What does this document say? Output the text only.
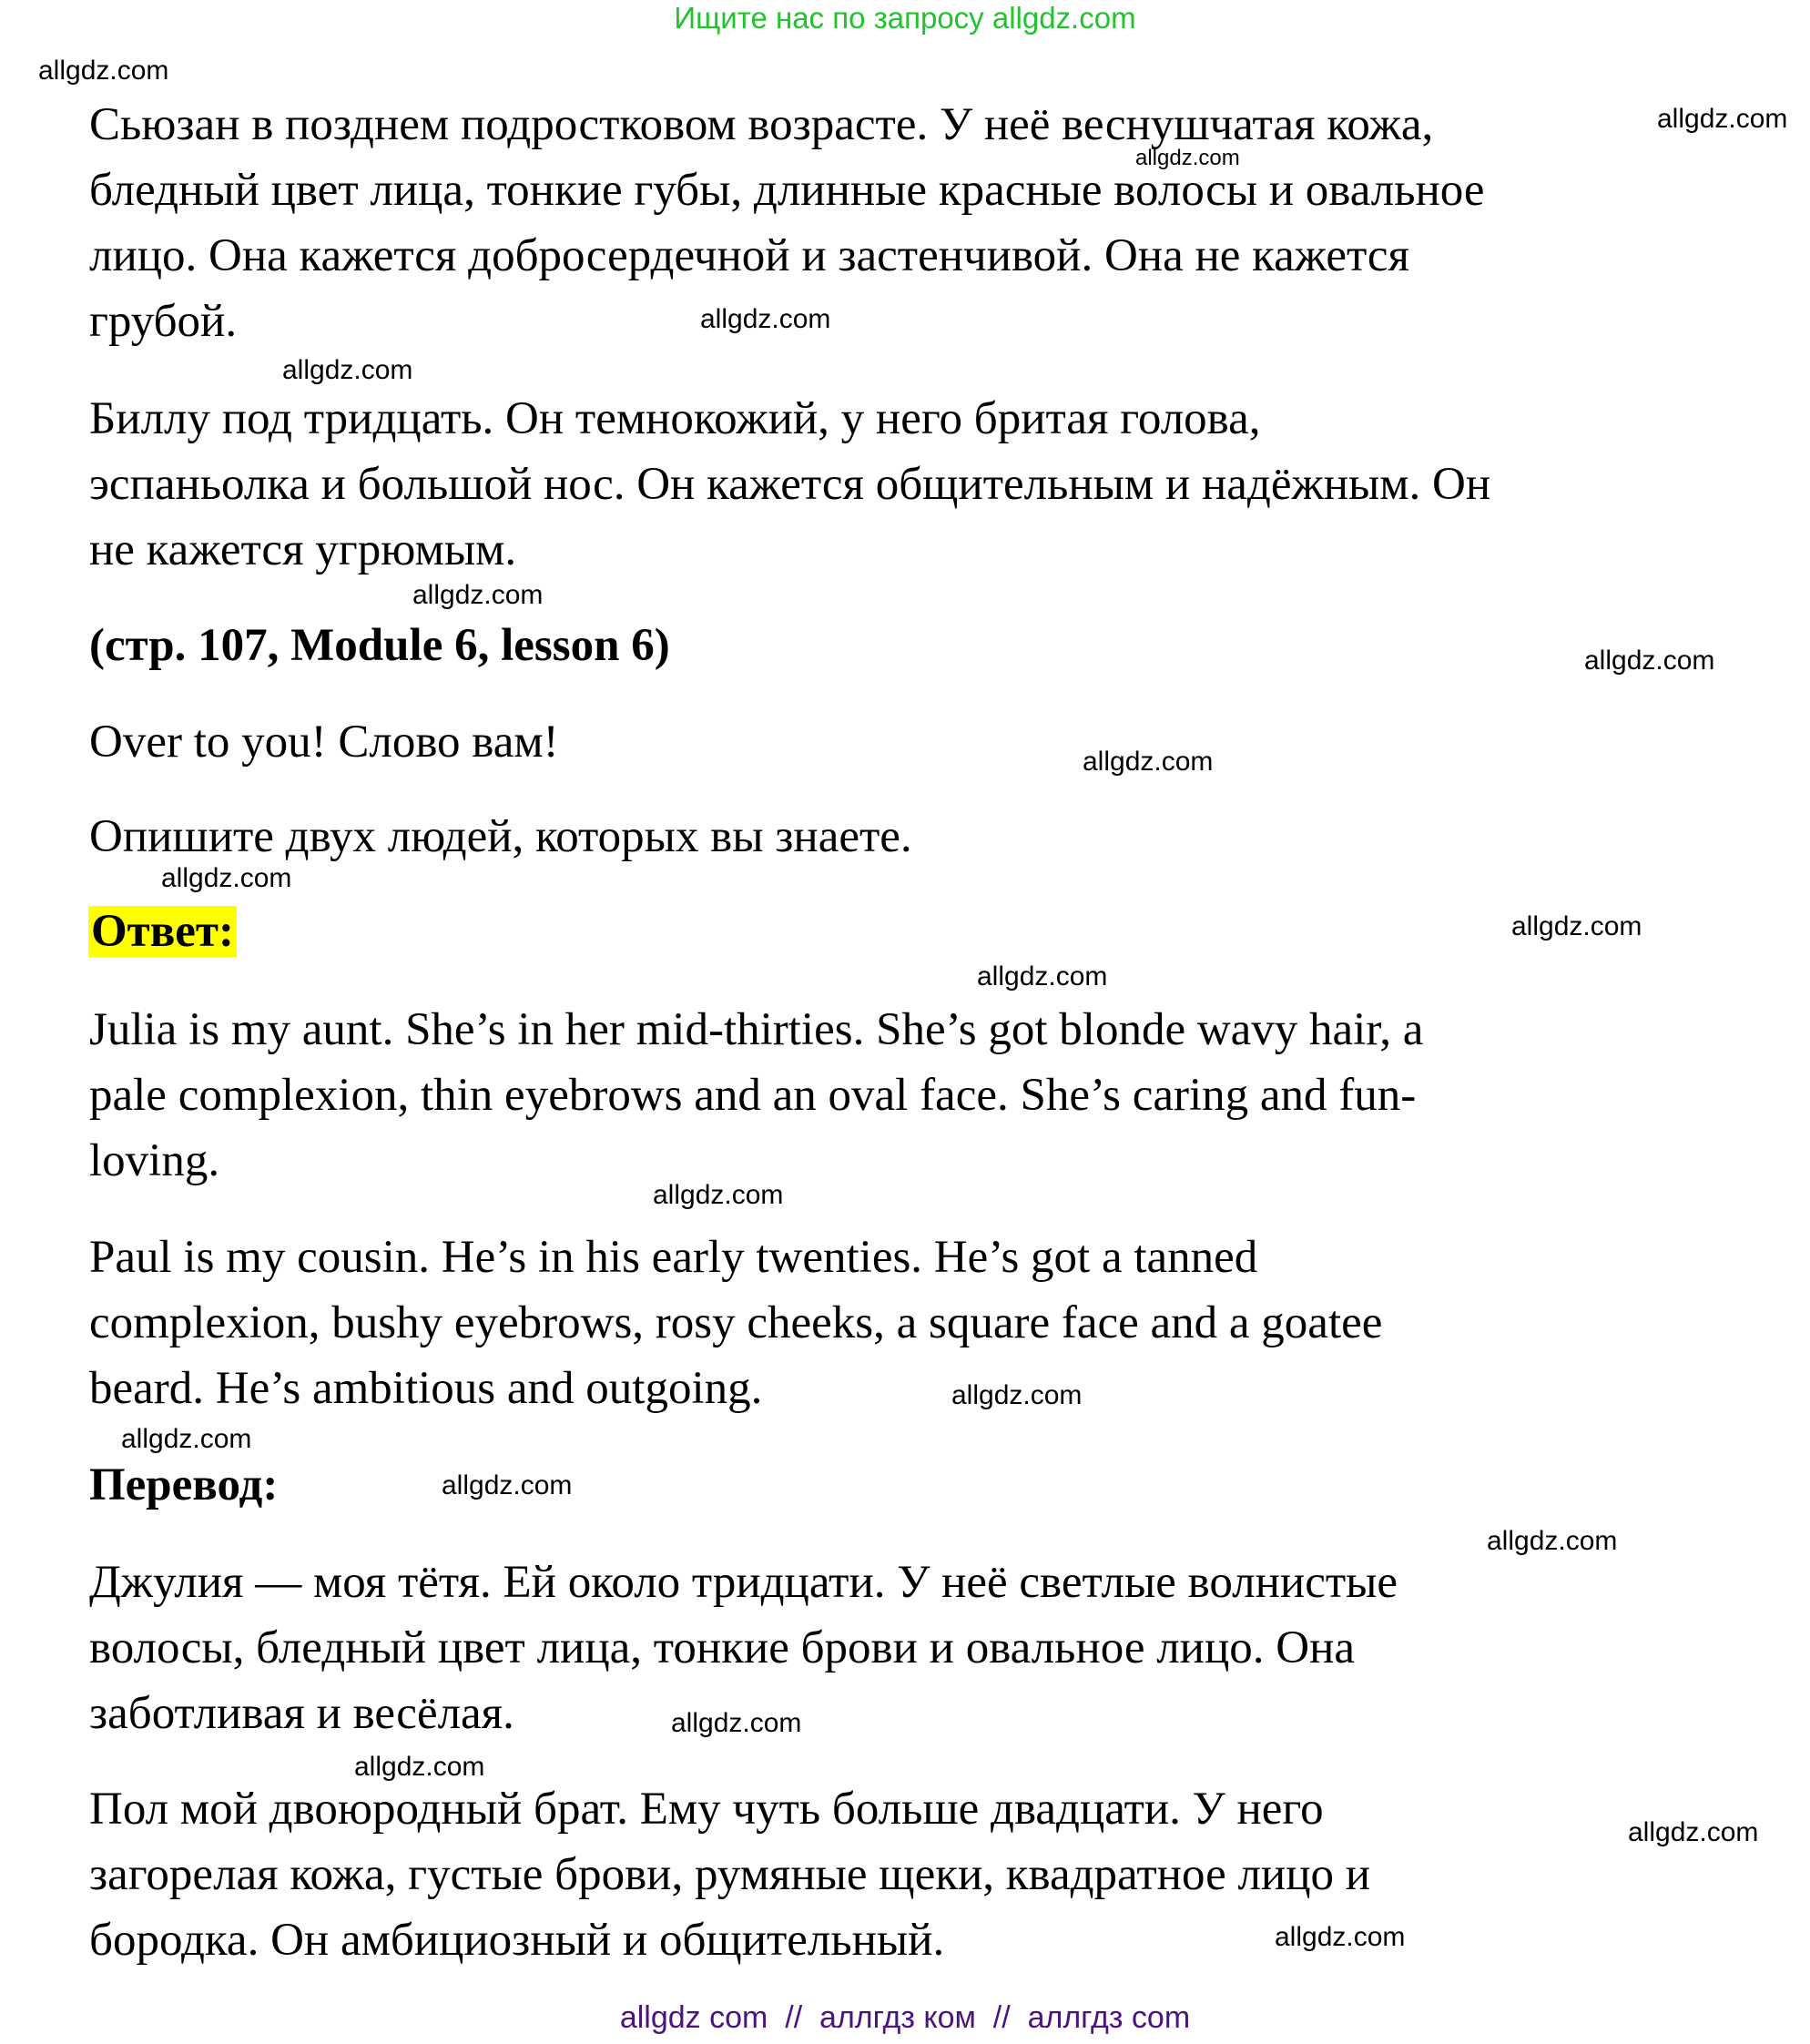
Ищите нас по запросу allgdz.com
Сьюзан в позднем подростковом возрасте. У неё веснушчатая кожа,
бледный цвет лица, тонкие губы, длинные красные волосы и овальное
лицо. Она кажется добросердечной и застенчивой. Она не кажется
грубой.
Биллу под тридцать. Он темнокожий, у него бритая голова,
эспаньолка и большой нос. Он кажется общительным и надёжным. Он
не кажется угрюмым.
(стр. 107, Module 6, lesson 6)
Over to you! Слово вам!
Опишите двух людей, которых вы знаете.
Ответ:
Julia is my aunt. She’s in her mid-thirties. She’s got blonde wavy hair, a
pale complexion, thin eyebrows and an oval face. She’s caring and fun-
loving.
Paul is my cousin. He’s in his early twenties. He’s got a tanned
complexion, bushy eyebrows, rosy cheeks, a square face and a goatee
beard. He’s ambitious and outgoing.
Перевод:
Джулия — моя тётя. Ей около тридцати. У неё светлые волнистые
волосы, бледный цвет лица, тонкие брови и овальное лицо. Она
заботливая и весёлая.
Пол мой двоюродный брат. Ему чуть больше двадцати. У него
загорелая кожа, густые брови, румяные щеки, квадратное лицо и
бородка. Он амбициозный и общительный.
allgdz.com
allgdz.com
allgdz.com
allgdz.com
allgdz.com
allgdz.com
allgdz.com
allgdz.com
allgdz.com
allgdz.com
allgdz.com
allgdz.com
allgdz.com
allgdz.com
allgdz.com
allgdz.com
allgdz.com
allgdz.com
allgdz.com
allgdz.com
allgdz com  //  аллгдз ком  //  аллгдз com
